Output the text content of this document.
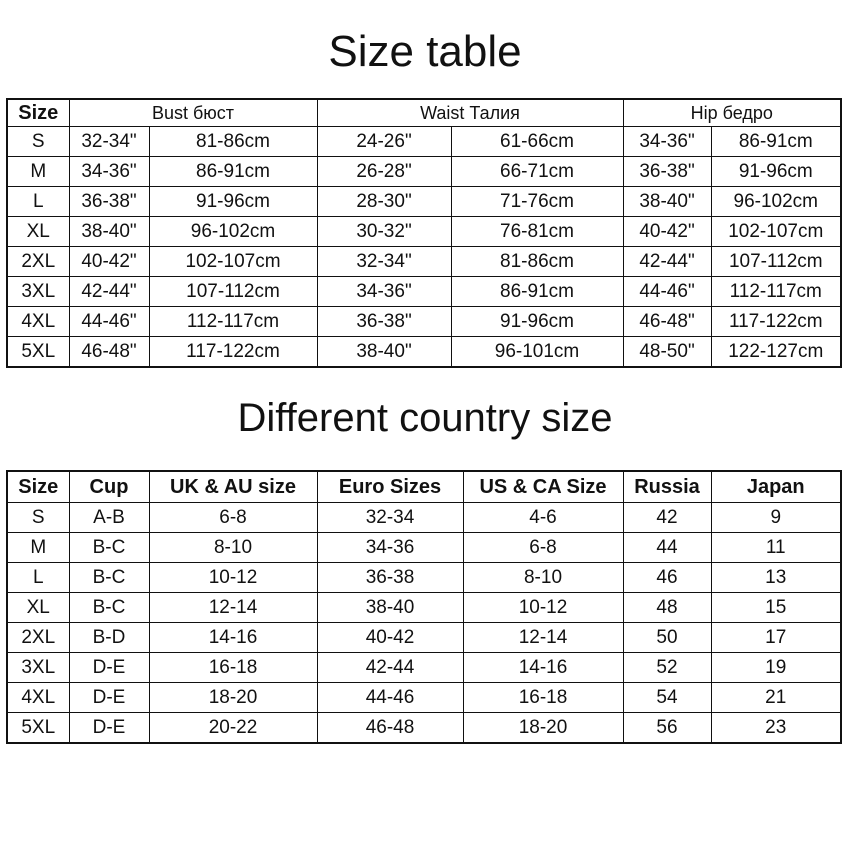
Size table
Size	Bust бюст		Waist Талия		Hip бедро	
S	32-34"	81-86cm	24-26"	61-66cm	34-36"	86-91cm
M	34-36"	86-91cm	26-28"	66-71cm	36-38"	91-96cm
L	36-38"	91-96cm	28-30"	71-76cm	38-40"	96-102cm
XL	38-40"	96-102cm	30-32"	76-81cm	40-42"	102-107cm
2XL	40-42"	102-107cm	32-34"	81-86cm	42-44"	107-112cm
3XL	42-44"	107-112cm	34-36"	86-91cm	44-46"	112-117cm
4XL	44-46"	112-117cm	36-38"	91-96cm	46-48"	117-122cm
5XL	46-48"	117-122cm	38-40"	96-101cm	48-50"	122-127cm
Different country size
Size	Cup	UK & AU size	Euro Sizes	US & CA Size	Russia	Japan
S	A-B	6-8	32-34	4-6	42	9
M	B-C	8-10	34-36	6-8	44	11
L	B-C	10-12	36-38	8-10	46	13
XL	B-C	12-14	38-40	10-12	48	15
2XL	B-D	14-16	40-42	12-14	50	17
3XL	D-E	16-18	42-44	14-16	52	19
4XL	D-E	18-20	44-46	16-18	54	21
5XL	D-E	20-22	46-48	18-20	56	23
